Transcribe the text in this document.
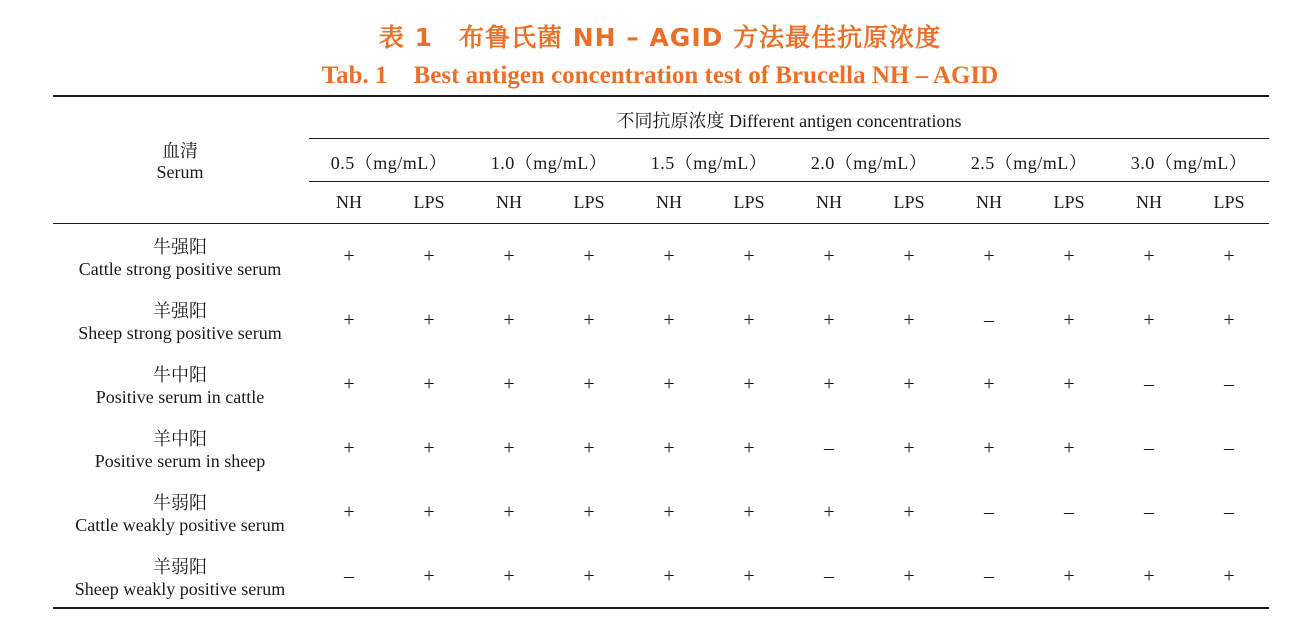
表 1 布鲁氏菌 NH – AGID 方法最佳抗原浓度
Tab. 1 Best antigen concentration test of Brucella NH – AGID
血清
Serum
不同抗原浓度 Different antigen concentrations
0.5（mg/mL）	1.0（mg/mL）	1.5（mg/mL）	2.0（mg/mL）	2.5（mg/mL）	3.0（mg/mL）
NH	LPS	NH	LPS	NH	LPS	NH	LPS	NH	LPS	NH	LPS
牛强阳
Cattle strong positive serum
+	+	+	+	+	+	+	+	+	+	+	+
羊强阳
Sheep strong positive serum
+	+	+	+	+	+	+	+	–	+	+	+
牛中阳
Positive serum in cattle
+	+	+	+	+	+	+	+	+	+	–	–
羊中阳
Positive serum in sheep
+	+	+	+	+	+	–	+	+	+	–	–
牛弱阳
Cattle weakly positive serum
+	+	+	+	+	+	+	+	–	–	–	–
羊弱阳
Sheep weakly positive serum
–	+	+	+	+	+	–	+	–	+	+	+
